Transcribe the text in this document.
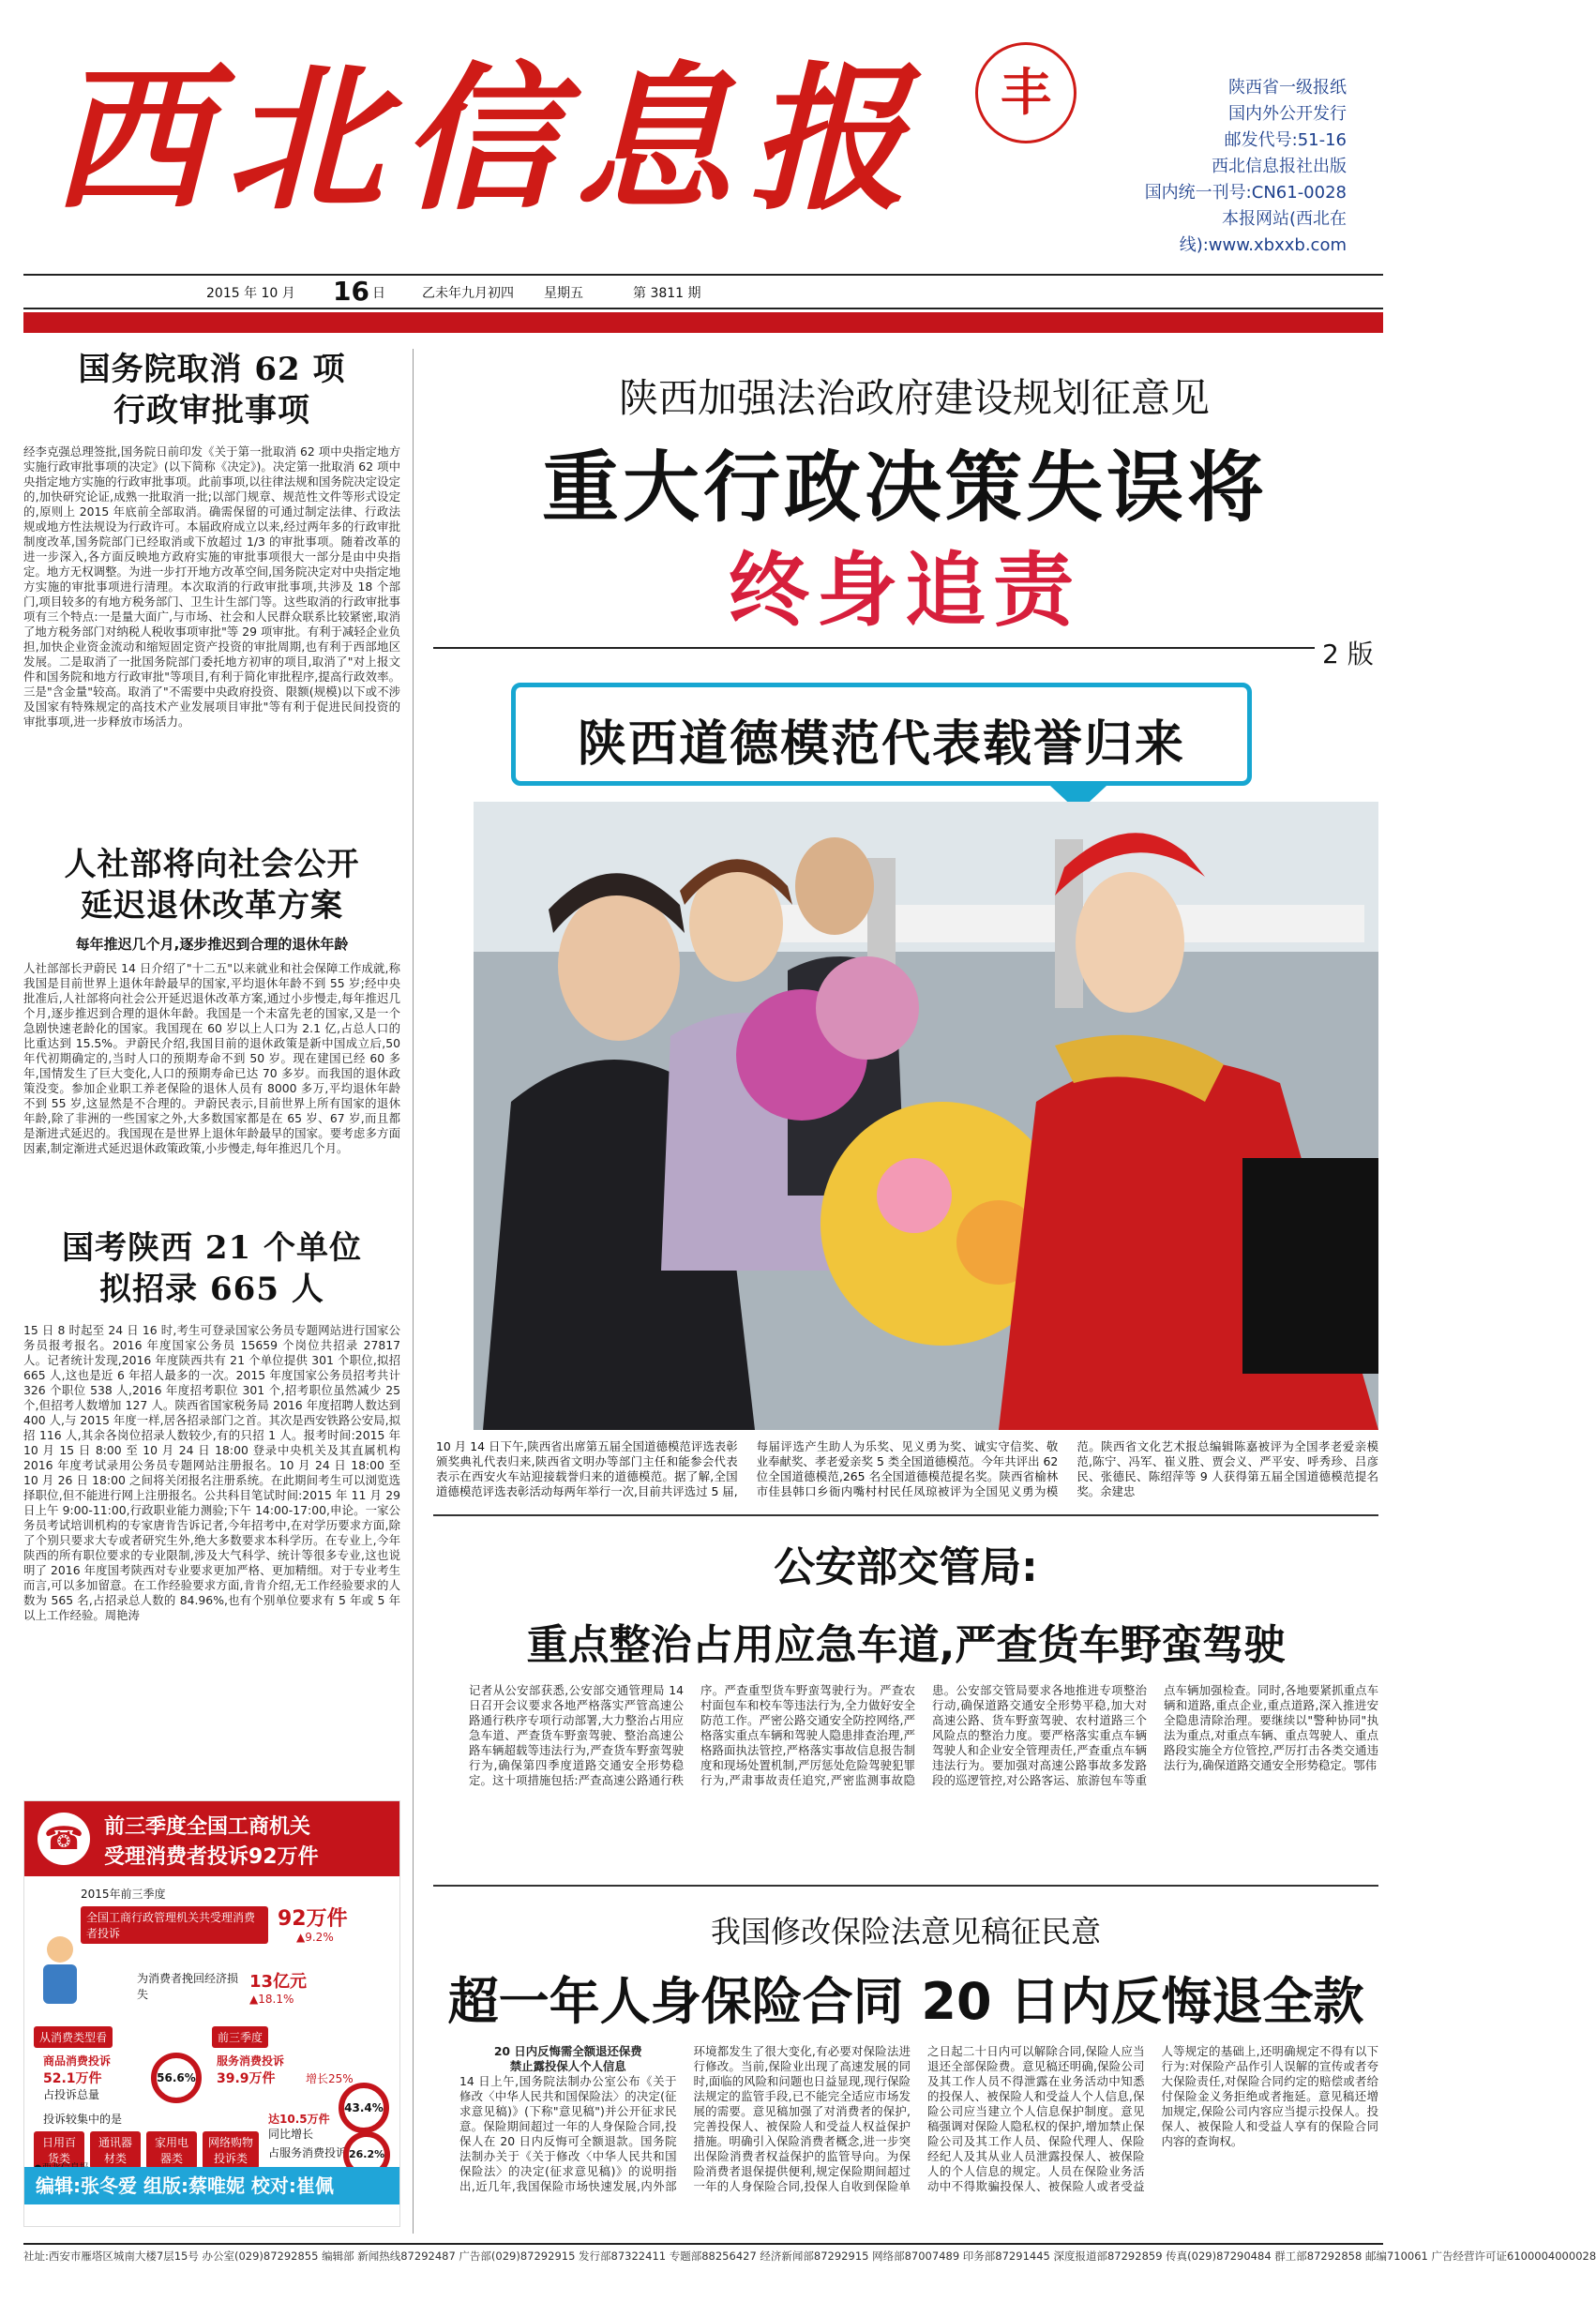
西北信息报	丰	陕西省一级报纸
国内外公开发行
邮发代号:51-16
西北信息报社出版
国内统一刊号:CN61-0028
本报网站(西北在线):www.xbxxb.com
2015 年 10 月 16 日	乙未年九月初四 星期五	第 3811 期
国务院取消 62 项
行政审批事项

经李克强总理签批,国务院日前印发《关于第一批取消 62 项中央指定地方实施行政审批事项的决定》(以下简称《决定》)。决定第一批取消 62 项中央指定地方实施的行政审批事项。此前事项,以往律法规和国务院决定设定的,加快研究论证,成熟一批取消一批;以部门规章、规范性文件等形式设定的,原则上 2015 年底前全部取消。确需保留的可通过制定法律、行政法规或地方性法规设为行政许可。本届政府成立以来,经过两年多的行政审批制度改革,国务院部门已经取消或下放超过 1/3 的审批事项。随着改革的进一步深入,各方面反映地方政府实施的审批事项很大一部分是由中央指定。地方无权调整。为进一步打开地方改革空间,国务院决定对中央指定地方实施的审批事项进行清理。本次取消的行政审批事项,共涉及 18 个部门,项目较多的有地方税务部门、卫生计生部门等。这些取消的行政审批事项有三个特点:一是量大面广,与市场、社会和人民群众联系比较紧密,取消了地方税务部门对纳税人税收事项审批"等 29 项审批。有利于减轻企业负担,加快企业资金流动和缩短固定资产投资的审批周期,也有利于西部地区发展。二是取消了一批国务院部门委托地方初审的项目,取消了"对上报文件和国务院和地方行政审批"等项目,有利于简化审批程序,提高行政效率。三是"含金量"较高。取消了"不需要中央政府投资、限额(规模)以下或不涉及国家有特殊规定的高技术产业发展项目审批"等有利于促进民间投资的审批事项,进一步释放市场活力。

人社部将向社会公开
延迟退休改革方案
每年推迟几个月,逐步推迟到合理的退休年龄

人社部部长尹蔚民 14 日介绍了"十二五"以来就业和社会保障工作成就,称我国是目前世界上退休年龄最早的国家,平均退休年龄不到 55 岁;经中央批准后,人社部将向社会公开延迟退休改革方案,通过小步慢走,每年推迟几个月,逐步推迟到合理的退休年龄。我国是一个未富先老的国家,又是一个急剧快速老龄化的国家。我国现在 60 岁以上人口为 2.1 亿,占总人口的比重达到 15.5%。尹蔚民介绍,我国目前的退休政策是新中国成立后,50 年代初期确定的,当时人口的预期寿命不到 50 岁。现在建国已经 60 多年,国情发生了巨大变化,人口的预期寿命已达 70 多岁。而我国的退休政策没变。参加企业职工养老保险的退休人员有 8000 多万,平均退休年龄不到 55 岁,这显然是不合理的。尹蔚民表示,目前世界上所有国家的退休年龄,除了非洲的一些国家之外,大多数国家都是在 65 岁、67 岁,而且都是渐进式延迟的。我国现在是世界上退休年龄最早的国家。要考虑多方面因素,制定渐进式延迟退休政策政策,小步慢走,每年推迟几个月。

国考陕西 21 个单位
拟招录 665 人

15 日 8 时起至 24 日 16 时,考生可登录国家公务员专题网站进行国家公务员报考报名。2016 年度国家公务员 15659 个岗位共招录 27817 人。记者统计发现,2016 年度陕西共有 21 个单位提供 301 个职位,拟招 665 人,这也是近 6 年招人最多的一次。2015 年度国家公务员招考共计 326 个职位 538 人,2016 年度招考职位 301 个,招考职位虽然减少 25 个,但招考人数增加 127 人。陕西省国家税务局 2016 年度招聘人数达到 400 人,与 2015 年度一样,居各招录部门之首。其次是西安铁路公安局,拟招 116 人,其余各岗位招录人数较少,有的只招 1 人。报考时间:2015 年 10 月 15 日 8:00 至 10 月 24 日 18:00 登录中央机关及其直属机构 2016 年度考试录用公务员专题网站注册报名。10 月 24 日 18:00 至 10 月 26 日 18:00 之间将关闭报名注册系统。在此期间考生可以浏览选择职位,但不能进行网上注册报名。公共科目笔试时间:2015 年 11 月 29 日上午 9:00-11:00,行政职业能力测验;下午 14:00-17:00,申论。一家公务员考试培训机构的专家唐肯告诉记者,今年招考中,在对学历要求方面,除了个别只要求大专或者研究生外,绝大多数要求本科学历。在专业上,今年陕西的所有职位要求的专业限制,涉及大气科学、统计等很多专业,这也说明了 2016 年度国考陕西对专业要求更加严格、更加精细。对于专业考生而言,可以多加留意。在工作经验要求方面,肯肯介绍,无工作经验要求的人数为 565 名,占招录总人数的 84.96%,也有个别单位要求有 5 年或 5 年以上工作经验。周艳涛

陕西加强法治政府建设规划征意见
重大行政决策失误将
终身追责
2 版
陕西道德模范代表载誉归来
10 月 14 日下午,陕西省出席第五届全国道德模范评选表彰颁奖典礼代表归来,陕西省文明办等部门主任和能参会代表表示在西安火车站迎接载誉归来的道德模范。据了解,全国道德模范评选表彰活动每两年举行一次,目前共评选过 5 届,每届评选产生助人为乐奖、见义勇为奖、诚实守信奖、敬业奉献奖、孝老爱亲奖 5 类全国道德模范。今年共评出 62 位全国道德模范,265 名全国道德模范提名奖。陕西省榆林市佳县韩口乡衙内嘴村村民任凤琼被评为全国见义勇为模范。陕西省文化艺术报总编辑陈嘉被评为全国孝老爱亲模范,陈宁、冯军、崔义胜、贾会义、严平安、呼秀珍、吕彦民、张德民、陈绍萍等 9 人获得第五届全国道德模范提名奖。余建忠
公安部交管局:
重点整治占用应急车道,严查货车野蛮驾驶
记者从公安部获悉,公安部交通管理局 14 日召开会议要求各地严格落实严管高速公路通行秩序专项行动部署,大力整治占用应急车道、严查货车野蛮驾驶、整治高速公路车辆超载等违法行为,严查货车野蛮驾驶行为,确保第四季度道路交通安全形势稳定。这十项措施包括:严查高速公路通行秩序。严查重型货车野蛮驾驶行为。严查农村面包车和校车等违法行为,全力做好安全防范工作。严密公路交通安全防控网络,严格落实重点车辆和驾驶人隐患排查治理,严格路面执法管控,严格落实事故信息报告制度和现场处置机制,严厉惩处危险驾驶犯罪行为,严肃事故责任追究,严密监测事故隐患。公安部交管局要求各地推进专项整治行动,确保道路交通安全形势平稳,加大对高速公路、货车野蛮驾驶、农村道路三个风险点的整治力度。要严格落实重点车辆驾驶人和企业安全管理责任,严查重点车辆违法行为。要加强对高速公路事故多发路段的巡逻管控,对公路客运、旅游包车等重点车辆加强检查。同时,各地要紧抓重点车辆和道路,重点企业,重点道路,深入推进安全隐患清除治理。要继续以"警种协同"执法为重点,对重点车辆、重点驾驶人、重点路段实施全方位管控,严厉打击各类交通违法行为,确保道路交通安全形势稳定。鄂伟
我国修改保险法意见稿征民意
超一年人身保险合同 20 日内反悔退全款

20 日内反悔需全额退还保费

禁止露投保人个人信息

14 日上午,国务院法制办公室公布《关于修改〈中华人民共和国保险法〉的决定(征求意见稿)》(下称"意见稿")并公开征求民意。保险期间超过一年的人身保险合同,投保人在 20 日内反悔可全额退款。国务院法制办关于《关于修改〈中华人民共和国保险法〉的决定(征求意见稿)》的说明指出,近几年,我国保险市场快速发展,内外部环境都发生了很大变化,有必要对保险法进行修改。当前,保险业出现了高速发展的同时,面临的风险和问题也日益显现,现行保险法规定的监管手段,已不能完全适应市场发展的需要。意见稿加强了对消费者的保护,完善投保人、被保险人和受益人权益保护措施。明确引入保险消费者概念,进一步突出保险消费者权益保护的监管导向。为保险消费者退保提供便利,规定保险期间超过一年的人身保险合同,投保人自收到保险单之日起二十日内可以解除合同,保险人应当退还全部保险费。意见稿还明确,保险公司及其工作人员不得泄露在业务活动中知悉的投保人、被保险人和受益人个人信息,保险公司应当建立个人信息保护制度。意见稿强调对保险人隐私权的保护,增加禁止保险公司及其工作人员、保险代理人、保险经纪人及其从业人员泄露投保人、被保险人的个人信息的规定。人员在保险业务活动中不得欺骗投保人、被保险人或者受益人等规定的基础上,还明确规定不得有以下行为:对保险产品作引人误解的宣传或者夸大保险责任,对保险合同约定的赔偿或者给付保险金义务拒绝或者拖延。意见稿还增加规定,保险公司内容应当提示投保人。投保人、被保险人和受益人享有的保险合同内容的查询权。

☎ 前三季度全国工商机关
受理消费者投诉92万件
2015年前三季度
全国工商行政管理机关共受理消费者投诉
92万件
▲9.2%
为消费者挽回经济损失
13亿元
▲18.1%
从消费类型看	前三季度
商品消费投诉
52.1万件
占投诉总量
56.6%
服务消费投诉
39.9万件	增长25%
43.4%
投诉较集中的是
日用百货类
通讯器材类
家用电器类
网络购物投诉类
达10.5万件
同比增长
占服务消费投诉 26.2%
编辑:张冬爱 组版:蔡唯妮 校对:崔佩
社址:西安市雁塔区城南大楼7层15号 办公室(029)87292855 编辑部 新闻热线87292487 广告部(029)87292915 发行部87322411 专题部88256427 经济新闻部87292915 网络部87007489 印务部87291445 深度报道部87292859 传真(029)87290484 群工部87292858 邮编710061 广告经营许可证6100004000028
